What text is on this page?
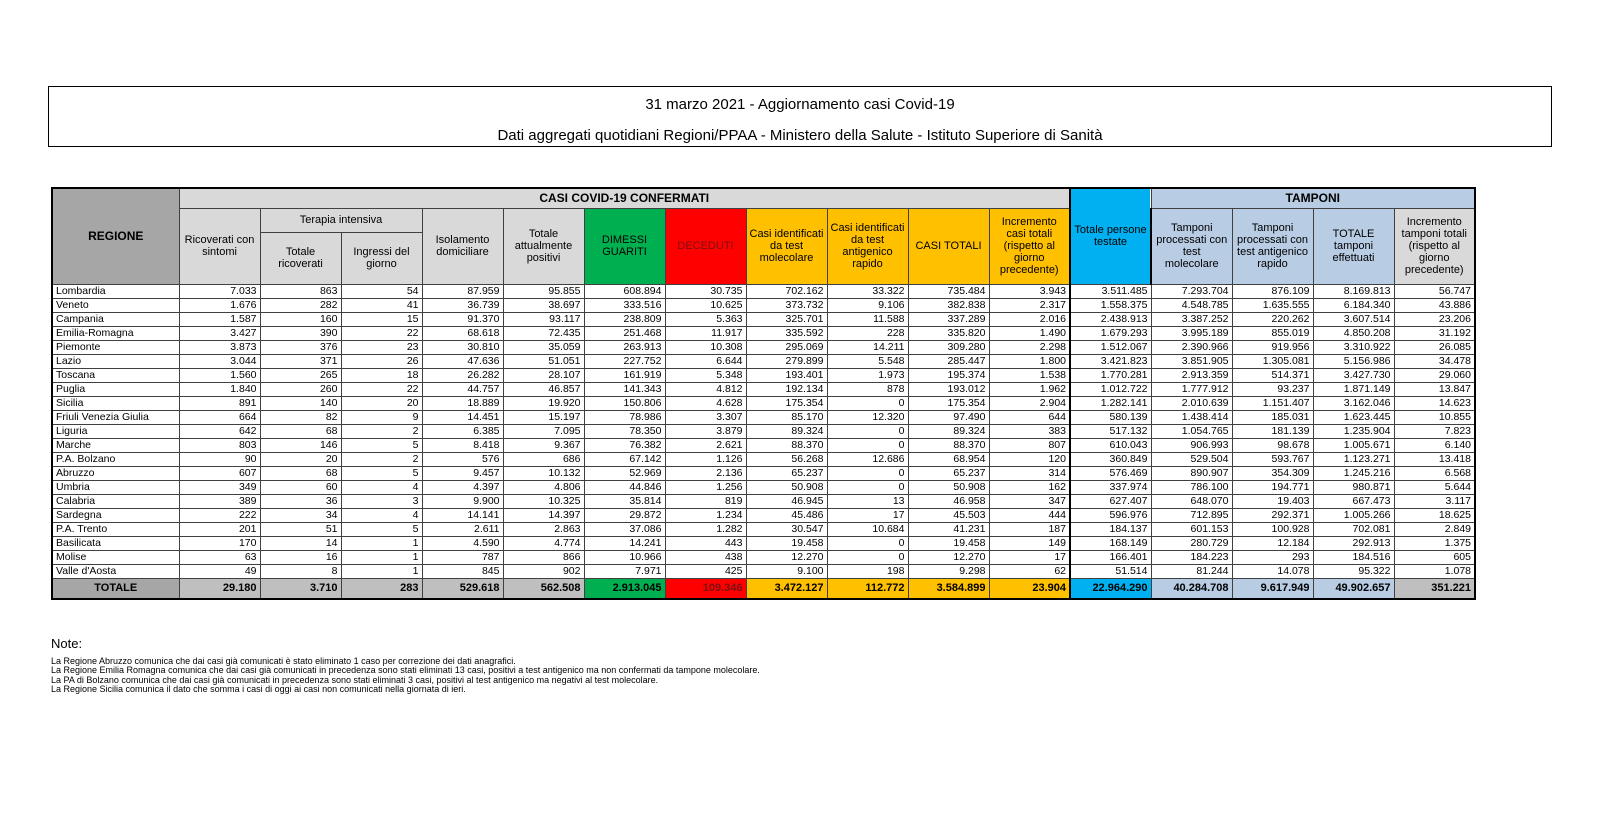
31 marzo 2021 - Aggiornamento casi Covid-19
Dati aggregati quotidiani Regioni/PPAA - Ministero della Salute - Istituto Superiore di Sanità
REGIONE	CASI COVID-19 CONFERMATI											Totale persone testate	TAMPONI			
	Ricoverati con sintomi	Terapia intensiva		Isolamento domiciliare	Totale attualmente positivi	DIMESSI GUARITI	DECEDUTI	Casi identificati da test molecolare	Casi identificati da test antigenico rapido	CASI TOTALI	Incremento casi totali (rispetto al giorno precedente)		Tamponi processati con test molecolare	Tamponi processati con test antigenico rapido	TOTALE tamponi effettuati	Incremento tamponi totali (rispetto al giorno precedente)
		Totale ricoverati	Ingressi del giorno													
Lombardia	7.033	863	54	87.959	95.855	608.894	30.735	702.162	33.322	735.484	3.943	3.511.485	7.293.704	876.109	8.169.813	56.747
Veneto	1.676	282	41	36.739	38.697	333.516	10.625	373.732	9.106	382.838	2.317	1.558.375	4.548.785	1.635.555	6.184.340	43.886
Campania	1.587	160	15	91.370	93.117	238.809	5.363	325.701	11.588	337.289	2.016	2.438.913	3.387.252	220.262	3.607.514	23.206
Emilia-Romagna	3.427	390	22	68.618	72.435	251.468	11.917	335.592	228	335.820	1.490	1.679.293	3.995.189	855.019	4.850.208	31.192
Piemonte	3.873	376	23	30.810	35.059	263.913	10.308	295.069	14.211	309.280	2.298	1.512.067	2.390.966	919.956	3.310.922	26.085
Lazio	3.044	371	26	47.636	51.051	227.752	6.644	279.899	5.548	285.447	1.800	3.421.823	3.851.905	1.305.081	5.156.986	34.478
Toscana	1.560	265	18	26.282	28.107	161.919	5.348	193.401	1.973	195.374	1.538	1.770.281	2.913.359	514.371	3.427.730	29.060
Puglia	1.840	260	22	44.757	46.857	141.343	4.812	192.134	878	193.012	1.962	1.012.722	1.777.912	93.237	1.871.149	13.847
Sicilia	891	140	20	18.889	19.920	150.806	4.628	175.354	0	175.354	2.904	1.282.141	2.010.639	1.151.407	3.162.046	14.623
Friuli Venezia Giulia	664	82	9	14.451	15.197	78.986	3.307	85.170	12.320	97.490	644	580.139	1.438.414	185.031	1.623.445	10.855
Liguria	642	68	2	6.385	7.095	78.350	3.879	89.324	0	89.324	383	517.132	1.054.765	181.139	1.235.904	7.823
Marche	803	146	5	8.418	9.367	76.382	2.621	88.370	0	88.370	807	610.043	906.993	98.678	1.005.671	6.140
P.A. Bolzano	90	20	2	576	686	67.142	1.126	56.268	12.686	68.954	120	360.849	529.504	593.767	1.123.271	13.418
Abruzzo	607	68	5	9.457	10.132	52.969	2.136	65.237	0	65.237	314	576.469	890.907	354.309	1.245.216	6.568
Umbria	349	60	4	4.397	4.806	44.846	1.256	50.908	0	50.908	162	337.974	786.100	194.771	980.871	5.644
Calabria	389	36	3	9.900	10.325	35.814	819	46.945	13	46.958	347	627.407	648.070	19.403	667.473	3.117
Sardegna	222	34	4	14.141	14.397	29.872	1.234	45.486	17	45.503	444	596.976	712.895	292.371	1.005.266	18.625
P.A. Trento	201	51	5	2.611	2.863	37.086	1.282	30.547	10.684	41.231	187	184.137	601.153	100.928	702.081	2.849
Basilicata	170	14	1	4.590	4.774	14.241	443	19.458	0	19.458	149	168.149	280.729	12.184	292.913	1.375
Molise	63	16	1	787	866	10.966	438	12.270	0	12.270	17	166.401	184.223	293	184.516	605
Valle d'Aosta	49	8	1	845	902	7.971	425	9.100	198	9.298	62	51.514	81.244	14.078	95.322	1.078
TOTALE	29.180	3.710	283	529.618	562.508	2.913.045	109.346	3.472.127	112.772	3.584.899	23.904	22.964.290	40.284.708	9.617.949	49.902.657	351.221
Note:
La Regione Abruzzo comunica che dai casi già comunicati è stato eliminato 1 caso per correzione dei dati anagrafici.
La Regione Emilia Romagna comunica che dai casi già comunicati in precedenza sono stati eliminati 13 casi, positivi a test antigenico ma non confermati da tampone molecolare.
La PA di Bolzano comunica che dai casi già comunicati in precedenza sono stati eliminati 3 casi, positivi al test antigenico ma negativi al test molecolare.
La Regione Sicilia comunica il dato che somma i casi di oggi ai casi non comunicati nella giornata di ieri.
